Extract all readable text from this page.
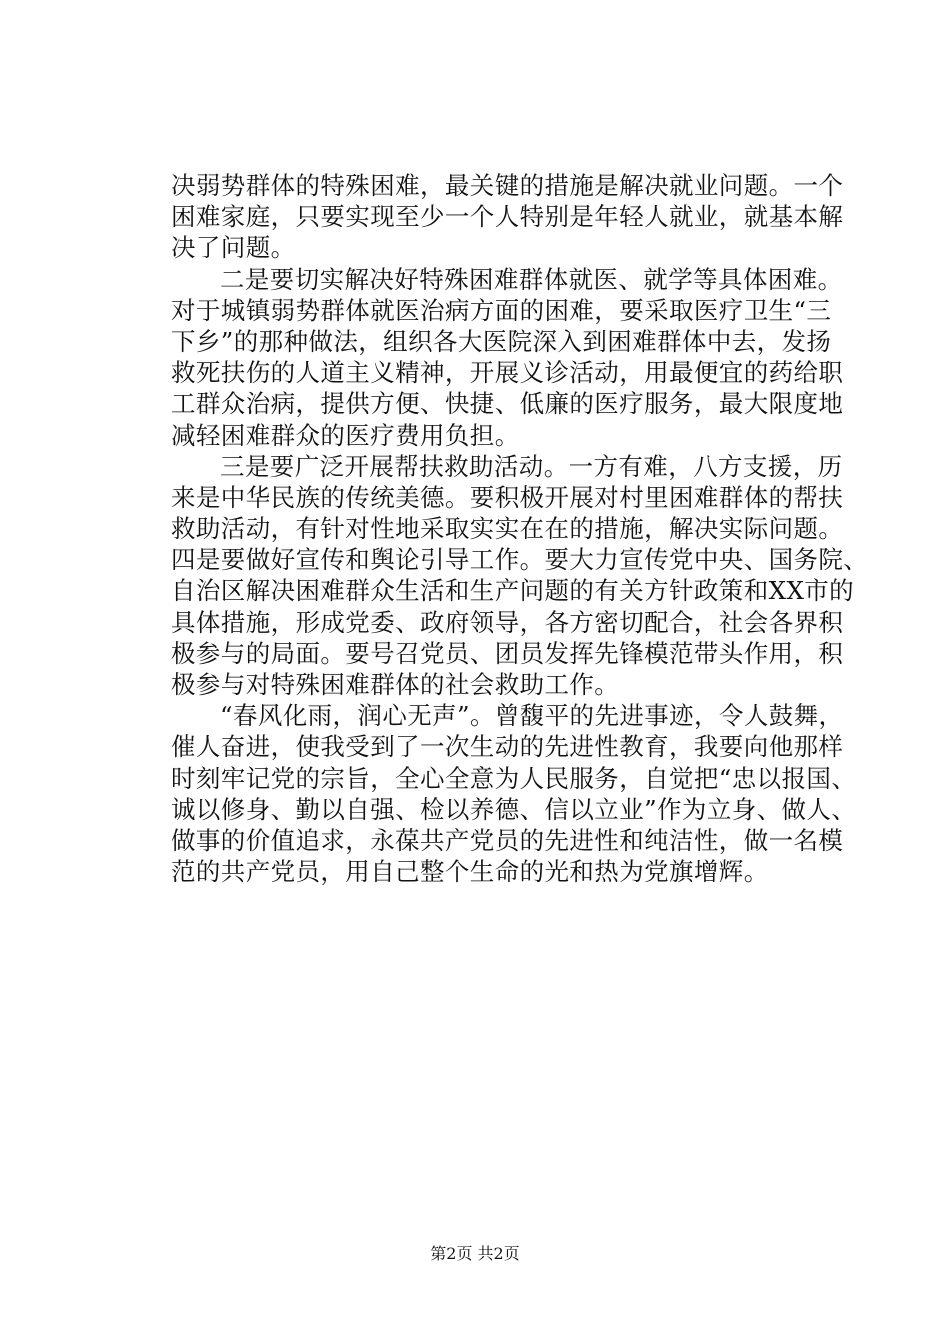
决弱势群体的特殊困难，最关键的措施是解决就业问题。一个
困难家庭，只要实现至少一个人特别是年轻人就业，就基本解
决了问题。
二是要切实解决好特殊困难群体就医、就学等具体困难。
对于城镇弱势群体就医治病方面的困难，要采取医疗卫生“三
下乡”的那种做法，组织各大医院深入到困难群体中去，发扬
救死扶伤的人道主义精神，开展义诊活动，用最便宜的药给职
工群众治病，提供方便、快捷、低廉的医疗服务，最大限度地
减轻困难群众的医疗费用负担。
三是要广泛开展帮扶救助活动。一方有难，八方支援，历
来是中华民族的传统美德。要积极开展对村里困难群体的帮扶
救助活动，有针对性地采取实实在在的措施，解决实际问题。
四是要做好宣传和舆论引导工作。要大力宣传党中央、国务院、
自治区解决困难群众生活和生产问题的有关方针政策和XX市的
具体措施，形成党委、政府领导，各方密切配合，社会各界积
极参与的局面。要号召党员、团员发挥先锋模范带头作用，积
极参与对特殊困难群体的社会救助工作。
“春风化雨，润心无声”。曾馥平的先进事迹，令人鼓舞，
催人奋进，使我受到了一次生动的先进性教育，我要向他那样
时刻牢记党的宗旨，全心全意为人民服务，自觉把“忠以报国、
诚以修身、勤以自强、检以养德、信以立业”作为立身、做人、
做事的价值追求，永葆共产党员的先进性和纯洁性，做一名模
范的共产党员，用自己整个生命的光和热为党旗增辉。
第2页 共2页
